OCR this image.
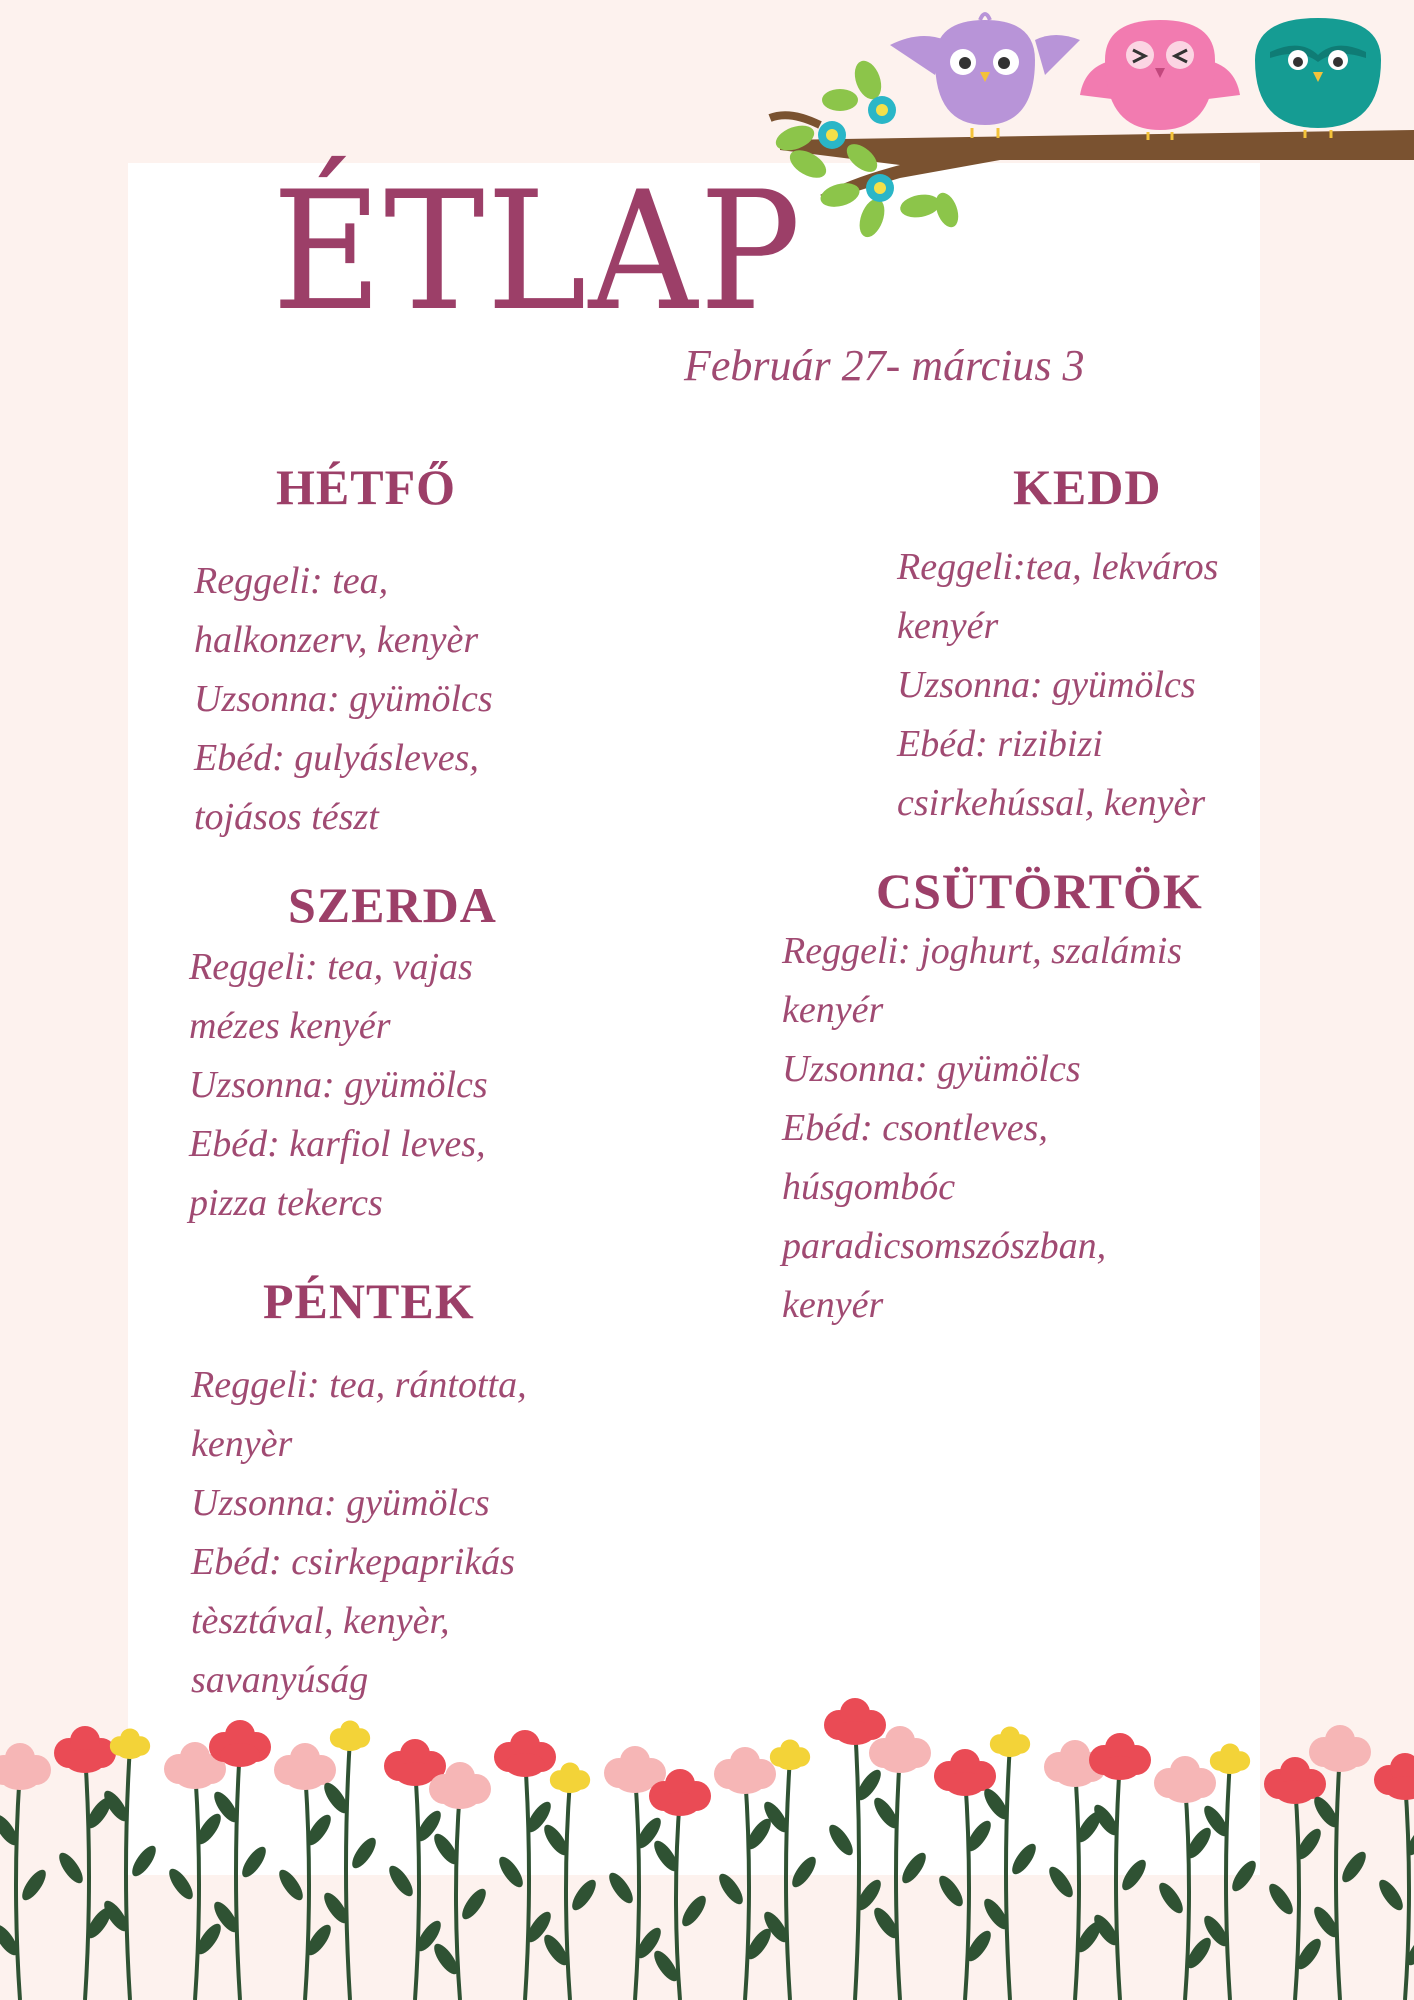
ÉTLAP

Február 27- március 3

HÉTFŐ

Reggeli: tea,
halkonzerv, kenyèr
Uzsonna: gyümölcs
Ebéd: gulyásleves,
tojásos tészt

KEDD

Reggeli:tea, lekváros
kenyér
Uzsonna: gyümölcs
Ebéd: rizibizi
csirkehússal, kenyèr

SZERDA

Reggeli: tea, vajas
mézes kenyér
Uzsonna: gyümölcs
Ebéd: karfiol leves,
pizza tekercs

CSÜTÖRTÖK

Reggeli: joghurt, szalámis
kenyér
Uzsonna: gyümölcs
Ebéd: csontleves,
húsgombóc
paradicsomszószban,
kenyér

PÉNTEK

Reggeli: tea, rántotta,
kenyèr
Uzsonna: gyümölcs
Ebéd: csirkepaprikás
tèsztával, kenyèr,
savanyúság
